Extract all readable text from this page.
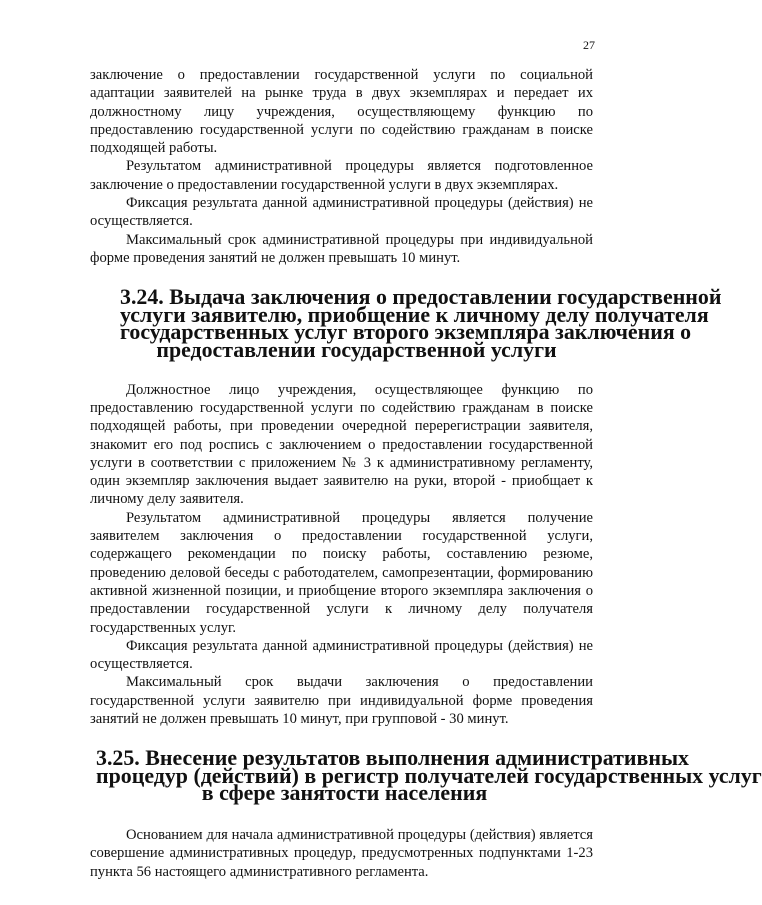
27

заключение о предоставлении государственной услуги по социальной адаптации заявителей на рынке труда в двух экземплярах и передает их должностному лицу учреждения, осуществляющему функцию по предоставлению государственной услуги по содействию гражданам в поиске подходящей работы.

Результатом административной процедуры является подготовленное заключение о предоставлении государственной услуги в двух экземплярах.

Фиксация результата данной административной процедуры (действия) не осуществляется.

Максимальный срок административной процедуры при индивидуальной форме проведения занятий не должен превышать 10 минут.

3.24. Выдача заключения о предоставлении государственной
услуги заявителю, приобщение к личному делу получателя
государственных услуг второго экземпляра заключения о
предоставлении государственной услуги

Должностное лицо учреждения, осуществляющее функцию по предоставлению государственной услуги по содействию гражданам в поиске подходящей работы, при проведении очередной перерегистрации заявителя, знакомит его под роспись с заключением о предоставлении государственной услуги в соответствии с приложением № 3 к административному регламенту, один экземпляр заключения выдает заявителю на руки, второй - приобщает к личному делу заявителя.

Результатом административной процедуры является получение заявителем заключения о предоставлении государственной услуги, содержащего рекомендации по поиску работы, составлению резюме, проведению деловой беседы с работодателем, самопрезентации, формированию активной жизненной позиции, и приобщение второго экземпляра заключения о предоставлении государственной услуги к личному делу получателя государственных услуг.

Фиксация результата данной административной процедуры (действия) не осуществляется.

Максимальный срок выдачи заключения о предоставлении государственной услуги заявителю при индивидуальной форме проведения занятий не должен превышать 10 минут, при групповой - 30 минут.

3.25. Внесение результатов выполнения административных
процедур (действий) в регистр получателей государственных услуг
в сфере занятости населения

Основанием для начала административной процедуры (действия) является совершение административных процедур, предусмотренных подпунктами 1-23 пункта 56 настоящего административного регламента.
